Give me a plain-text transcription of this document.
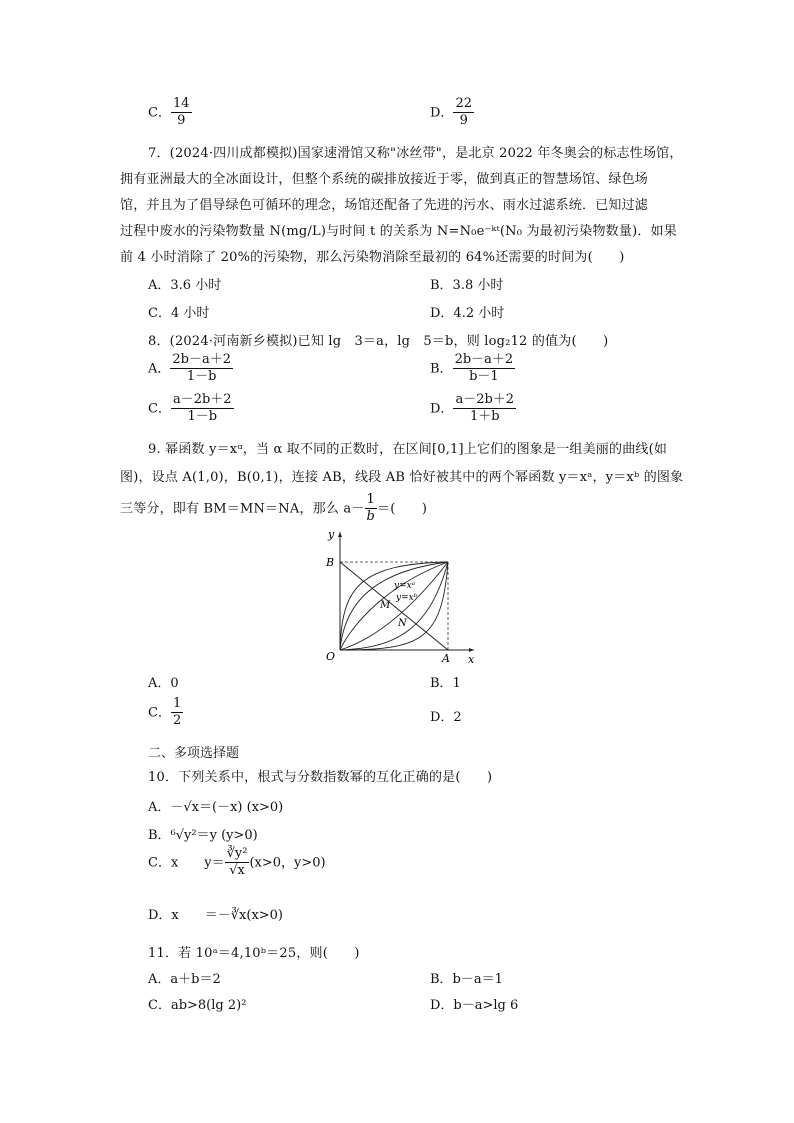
C． $\frac{14}{9}$	D． $\frac{22}{9}$
7．(2024·四川成都模拟)国家速滑馆又称"冰丝带"，是北京 2022 年冬奥会的标志性场馆，
拥有亚洲最大的全冰面设计，但整个系统的碳排放接近于零，做到真正的智慧场馆、绿色场
馆，并且为了倡导绿色可循环的理念，场馆还配备了先进的污水、雨水过滤系统．已知过滤
过程中废水的污染物数量 N(mg/L)与时间 t 的关系为 N=N₀e⁻ᵏᵗ(N₀ 为最初污染物数量)．如果
前 4 小时消除了 20%的污染物，那么污染物消除至最初的 64%还需要的时间为(　　)
A．3.6 小时	B．3.8 小时
C．4 小时	D．4.2 小时
8．(2024·河南新乡模拟)已知 lg　3＝a，lg　5＝b，则 log₂12 的值为(　　)
A． $\frac{2b-a+2}{1-b}$	B． $\frac{2b-a+2}{b-1}$
C． $\frac{a-2b+2}{1-b}$	D． $\frac{a-2b+2}{1+b}$
9. 幂函数 y＝xᵅ，当 α 取不同的正数时，在区间[0,1]上它们的图象是一组美丽的曲线(如
图)，设点 A(1,0)，B(0,1)，连接 AB，线段 AB 恰好被其中的两个幂函数 y＝xᵃ，y＝xᵇ 的图象
三等分，即有 BM＝MN＝NA，那么 $a- \frac{1}{b}$ ＝(　　)
y
x
B
O	A
M
N
y=xᵃ
y=xᵇ
A．0	B．1
C． $\frac{1}{2}$	D．2
二、多项选择题
10．下列关系中，根式与分数指数幂的互化正确的是(　　)
A．－√x＝(－x) (x>0)
B．⁶√y²＝y (y>0)
C．x　　$y= \frac{\text{∛y²}}{√x} (x>0$，y>0)
D．x　　＝－∛x(x>0)
11．若 10ᵃ＝4,10ᵇ＝25，则(　　)
A．a＋b＝2	B．b－a＝1
C．ab>8(lg 2)²	D．b－a>lg 6
